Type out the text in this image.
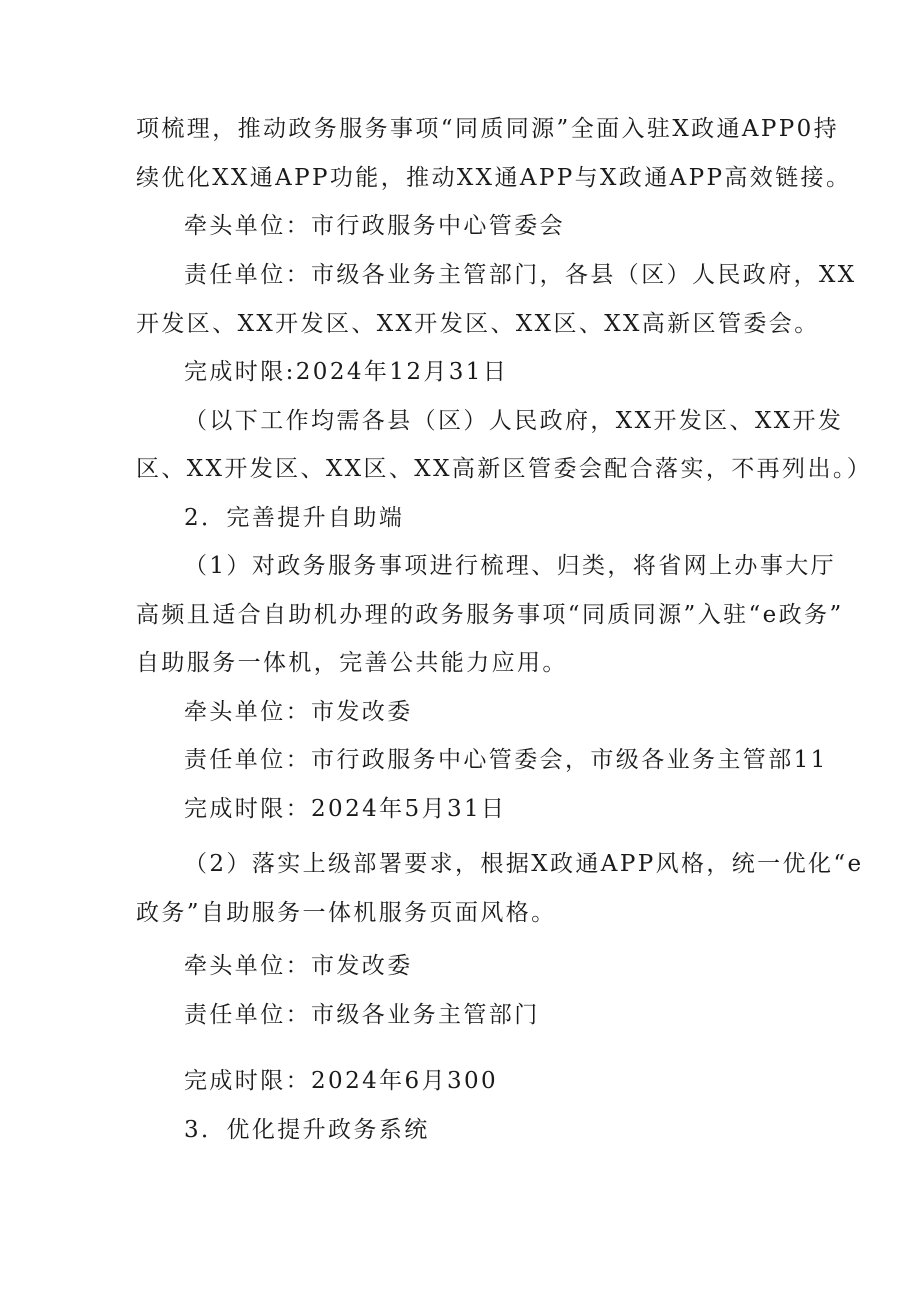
项梳理，推动政务服务事项“同质同源”全面入驻X政通APP0持
续优化XX通APP功能，推动XX通APP与X政通APP高效链接。
牵头单位：市行政服务中心管委会
责任单位：市级各业务主管部门，各县（区）人民政府，XX
开发区、XX开发区、XX开发区、XX区、XX高新区管委会。
完成时限:2024年12月31日
（以下工作均需各县（区）人民政府，XX开发区、XX开发
区、XX开发区、XX区、XX高新区管委会配合落实，不再列出。）
2．完善提升自助端
（1）对政务服务事项进行梳理、归类，将省网上办事大厅
高频且适合自助机办理的政务服务事项“同质同源”入驻“e政务”
自助服务一体机，完善公共能力应用。
牵头单位：市发改委
责任单位：市行政服务中心管委会，市级各业务主管部11
完成时限：2024年5月31日
（2）落实上级部署要求，根据X政通APP风格，统一优化“e
政务”自助服务一体机服务页面风格。
牵头单位：市发改委
责任单位：市级各业务主管部门
完成时限：2024年6月300
3．优化提升政务系统
